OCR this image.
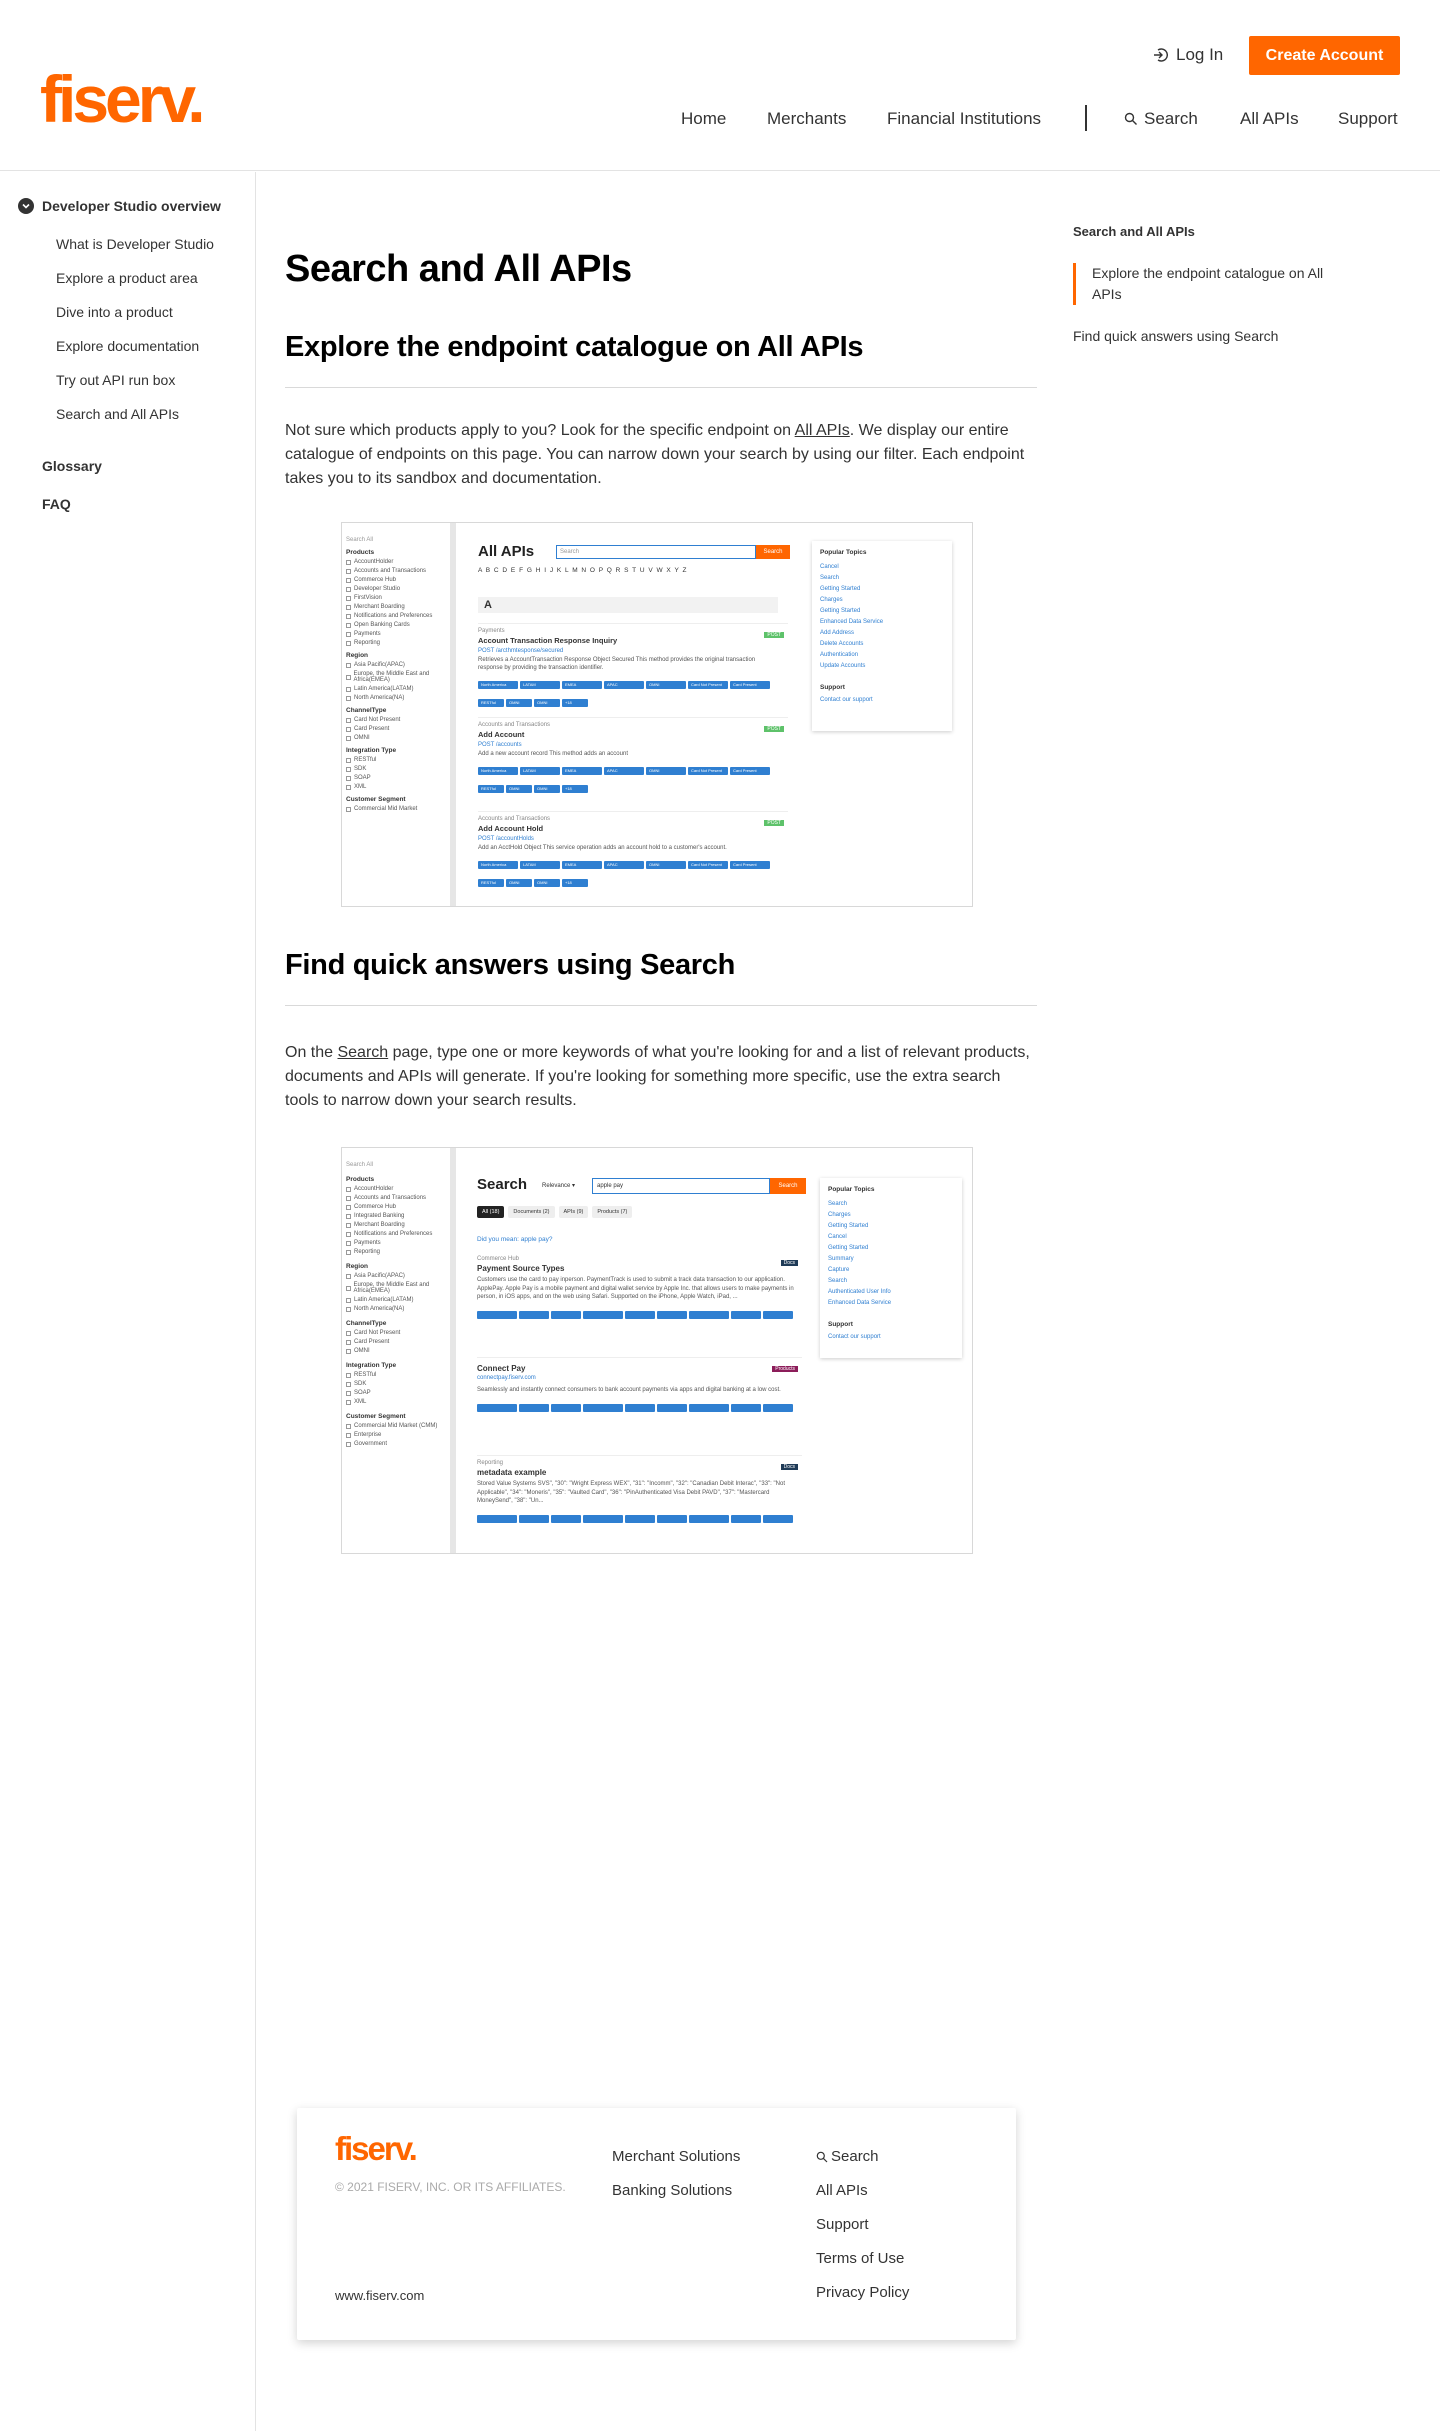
fiserv.
Log In	Create Account
Home Merchants Financial Institutions	Search All APIs Support
Developer Studio overview
What is Developer Studio
Explore a product area
Dive into a product
Explore documentation
Try out API run box
Search and All APIs
Glossary
FAQ
Search and All APIs
Explore the endpoint catalogue on All APIs
Not sure which products apply to you? Look for the specific endpoint on All APIs. We display our entire catalogue of endpoints on this page. You can narrow down your search by using our filter. Each endpoint takes you to its sandbox and documentation.
Search All
Products
AccountHolder
Accounts and Transactions
Commerce Hub
Developer Studio
FirstVision
Merchant Boarding
Notifications and Preferences
Open Banking Cards
Payments
Reporting
Region
Asia Pacific(APAC)
Europe, the Middle East and Africa(EMEA)
Latin America(LATAM)
North America(NA)
ChannelType
Card Not Present
Card Present
OMNI
Integration Type
RESTful
SDK
SOAP
XML
Customer Segment
Commercial Mid Market
All APIs	Search	Search
A B C D E F G H I J K L M N O P Q R S T U V W X Y Z
A
Payments
Account Transaction Response Inquiry
POST
POST /arcthmtesponse/secured
Retrieves a AccountTransaction Response Object Secured This method provides the original transaction response by providing the transaction identifier.
North America	LATAM	EMEA	APAC	OMNI	Card Not Present	Card PresentRESTful	OMNI	OMNI	+18
Accounts and Transactions
Add Account
POST
POST /accounts
Add a new account record This method adds an account
North America	LATAM	EMEA	APAC	OMNI	Card Not Present	Card PresentRESTful	OMNI	OMNI	+18
Accounts and Transactions
Add Account Hold
POST
POST /accountHolds
Add an AcctHold Object This service operation adds an account hold to a customer's account.
North America	LATAM	EMEA	APAC	OMNI	Card Not Present	Card PresentRESTful	OMNI	OMNI	+18
Popular Topics
Cancel
Search
Getting Started
Charges
Getting Started
Enhanced Data Service
Add Address
Delete Accounts
Authentication
Update Accounts
Support
Contact our support
Find quick answers using Search
On the Search page, type one or more keywords of what you're looking for and a list of relevant products, documents and APIs will generate. If you're looking for something more specific, use the extra search tools to narrow down your search results.
Search All
Products
AccountHolder
Accounts and Transactions
Commerce Hub
Integrated Banking
Merchant Boarding
Notifications and Preferences
Payments
Reporting
Region
Asia Pacific(APAC)
Europe, the Middle East and Africa(EMEA)
Latin America(LATAM)
North America(NA)
ChannelType
Card Not Present
Card Present
OMNI
Integration Type
RESTful
SDK
SOAP
XML
Customer Segment
Commercial Mid Market (CMM)
Enterprise
Government
Search Relevance ▾	apple pay	Search
All (18)	Documents (2)	APIs (9)	Products (7)
Did you mean: apple pay?
Commerce Hub
Payment Source Types
Docs
Customers use the card to pay inperson. PaymentTrack is used to submit a track data transaction to our application. ApplePay. Apple Pay is a mobile payment and digital wallet service by Apple Inc. that allows users to make payments in person, in iOS apps, and on the web using Safari. Supported on the iPhone, Apple Watch, iPad, ...
Connect Pay	Products
connectpay.fiserv.com
Seamlessly and instantly connect consumers to bank account payments via apps and digital banking at a low cost.
Reporting
metadata example
Docs
Stored Value Systems SVS", "30": "Wright Express WEX", "31": "Incomm", "32": "Canadian Debit Interac", "33": "Not Applicable", "34": "Moneris", "35": "Vaulted Card", "36": "PinAuthenticated Visa Debit PAVD", "37": "Mastercard MoneySend", "38": "Un...
Popular Topics
Search
Charges
Getting Started
Cancel
Getting Started
Summary
Capture
Search
Authenticated User Info
Enhanced Data Service
Support
Contact our support
Search and All APIs
Explore the endpoint catalogue on All APIs
Find quick answers using Search
fiserv.
© 2021 FISERV, INC. OR ITS AFFILIATES.
www.fiserv.com
Merchant Solutions
Banking Solutions
Search
All APIs
Support
Terms of Use
Privacy Policy
